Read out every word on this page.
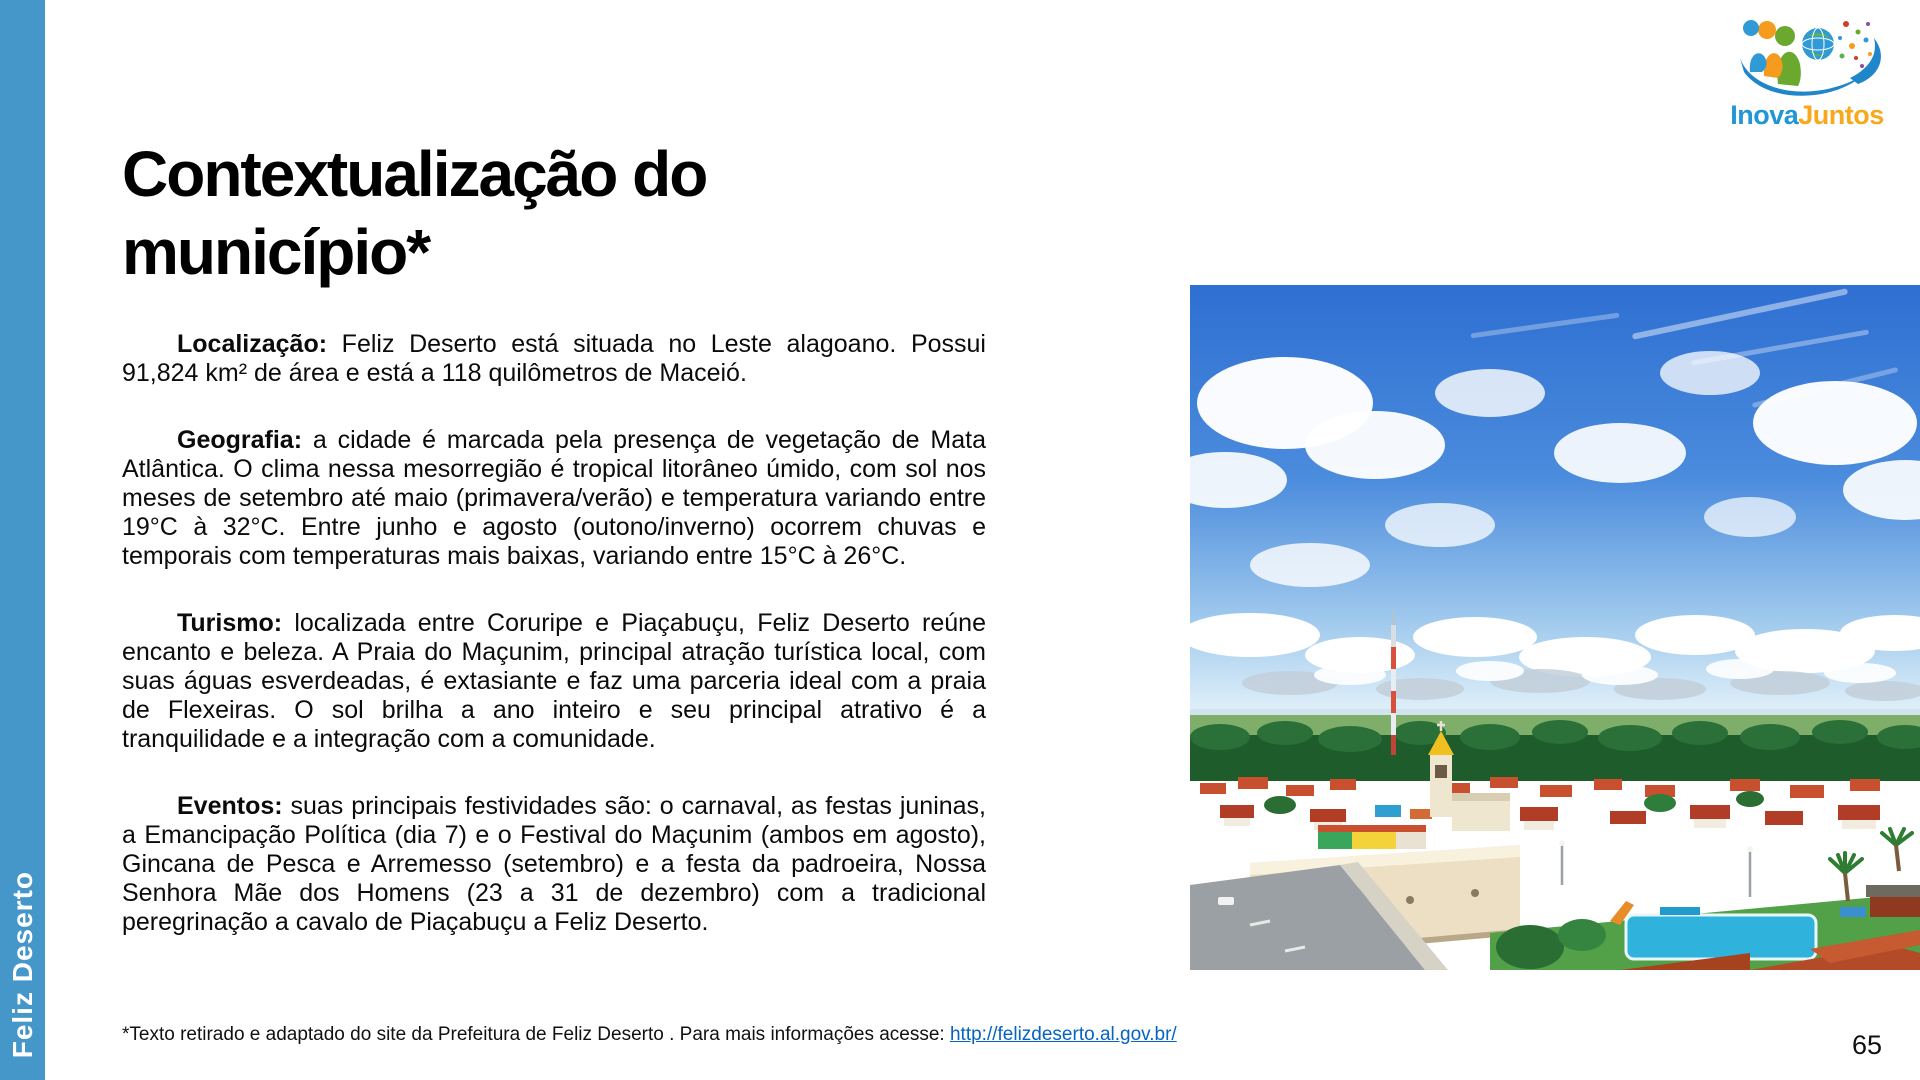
Feliz Deserto
Contextualização do município*

Localização: Feliz Deserto está situada no Leste alagoano. Possui 91,824 km² de área e está a 118 quilômetros de Maceió.

Geografia: a cidade é marcada pela presença de vegetação de Mata Atlântica. O clima nessa mesorregião é tropical litorâneo úmido, com sol nos meses de setembro até maio (primavera/verão) e temperatura variando entre 19°C à 32°C. Entre junho e agosto (outono/inverno) ocorrem chuvas e temporais com temperaturas mais baixas, variando entre 15°C à 26°C.

Turismo: localizada entre Coruripe e Piaçabuçu, Feliz Deserto reúne encanto e beleza. A Praia do Maçunim, principal atração turística local, com suas águas esverdeadas, é extasiante e faz uma parceria ideal com a praia de Flexeiras. O sol brilha a ano inteiro e seu principal atrativo é a tranquilidade e a integração com a comunidade.

Eventos: suas principais festividades são: o carnaval, as festas juninas, a Emancipação Política (dia 7) e o Festival do Maçunim (ambos em agosto), Gincana de Pesca e Arremesso (setembro) e a festa da padroeira, Nossa Senhora Mãe dos Homens (23 a 31 de dezembro) com a tradicional peregrinação a cavalo de Piaçabuçu a Feliz Deserto.

*Texto retirado e adaptado do site da Prefeitura de Feliz Deserto . Para mais informações acesse: http://felizdeserto.al.gov.br/	65
InovaJuntos
